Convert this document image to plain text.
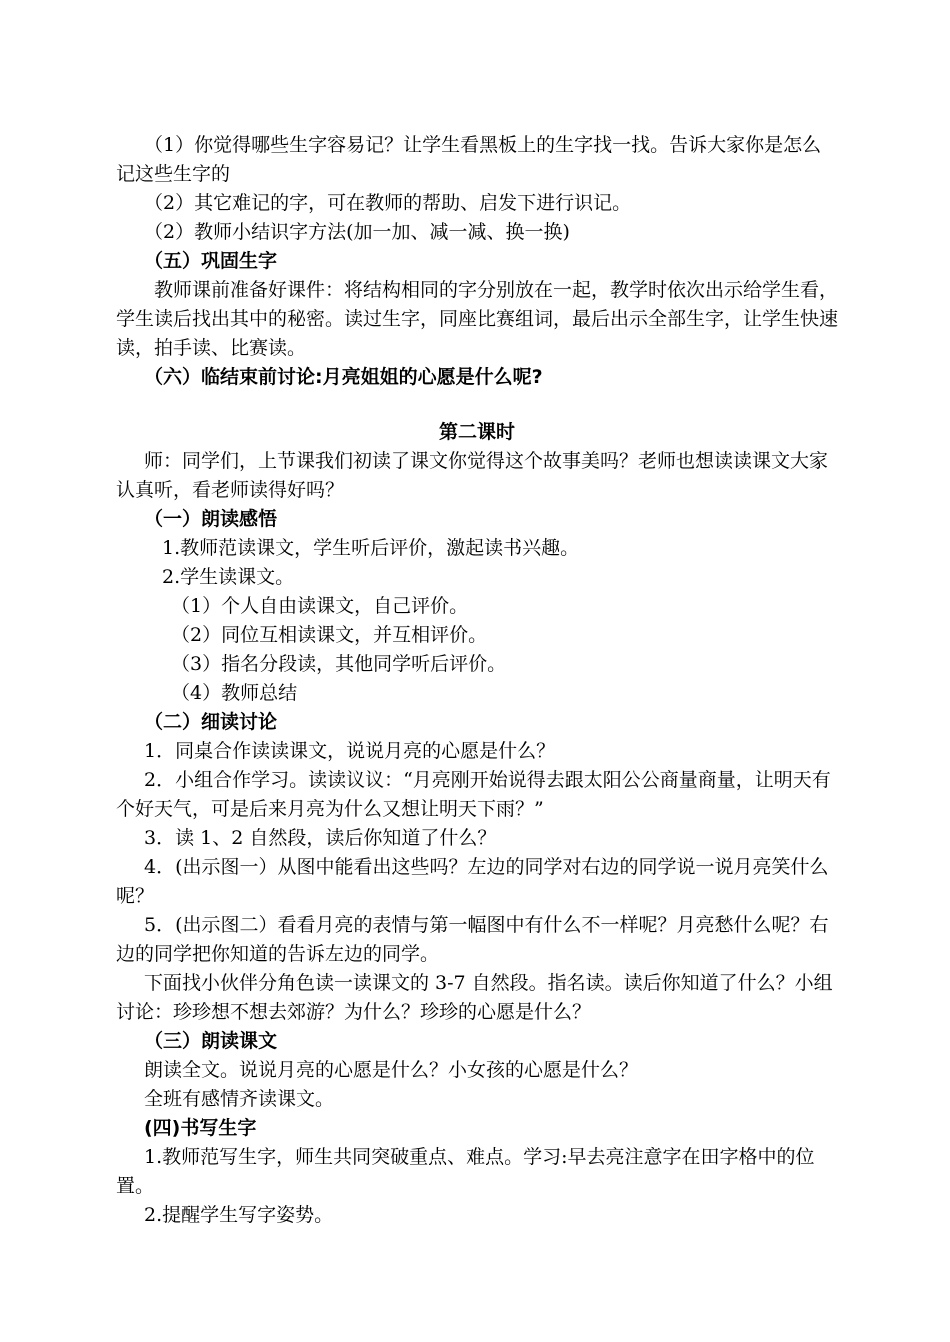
（1）你觉得哪些生字容易记？让学生看黑板上的生字找一找。告诉大家你是怎么记这些生字的

（2）其它难记的字，可在教师的帮助、启发下进行识记。

（2）教师小结识字方法(加一加、减一减、换一换)

（五）巩固生字

教师课前准备好课件：将结构相同的字分别放在一起，教学时依次出示给学生看，学生读后找出其中的秘密。读过生字，同座比赛组词，最后出示全部生字，让学生快速读，拍手读、比赛读。

（六）临结束前讨论:月亮姐姐的心愿是什么呢?

第二课时

师：同学们，上节课我们初读了课文你觉得这个故事美吗？老师也想读读课文大家认真听，看老师读得好吗？

（一）朗读感悟

1.教师范读课文，学生听后评价，激起读书兴趣。

2.学生读课文。

（1）个人自由读课文，自己评价。

（2）同位互相读课文，并互相评价。

（3）指名分段读，其他同学听后评价。

（4）教师总结

（二）细读讨论

1．同桌合作读读课文，说说月亮的心愿是什么？

2．小组合作学习。读读议议：“月亮刚开始说得去跟太阳公公商量商量，让明天有个好天气，可是后来月亮为什么又想让明天下雨？”

3．读 1、2 自然段，读后你知道了什么？

4．(出示图一）从图中能看出这些吗？左边的同学对右边的同学说一说月亮笑什么呢？

5．(出示图二）看看月亮的表情与第一幅图中有什么不一样呢？月亮愁什么呢？右边的同学把你知道的告诉左边的同学。

下面找小伙伴分角色读一读课文的 3-7 自然段。指名读。读后你知道了什么？小组讨论：珍珍想不想去郊游？为什么？珍珍的心愿是什么？

（三）朗读课文

朗读全文。说说月亮的心愿是什么？小女孩的心愿是什么？

全班有感情齐读课文。

(四)书写生字

1.教师范写生字，师生共同突破重点、难点。学习:早去亮注意字在田字格中的位置。

2.提醒学生写字姿势。
